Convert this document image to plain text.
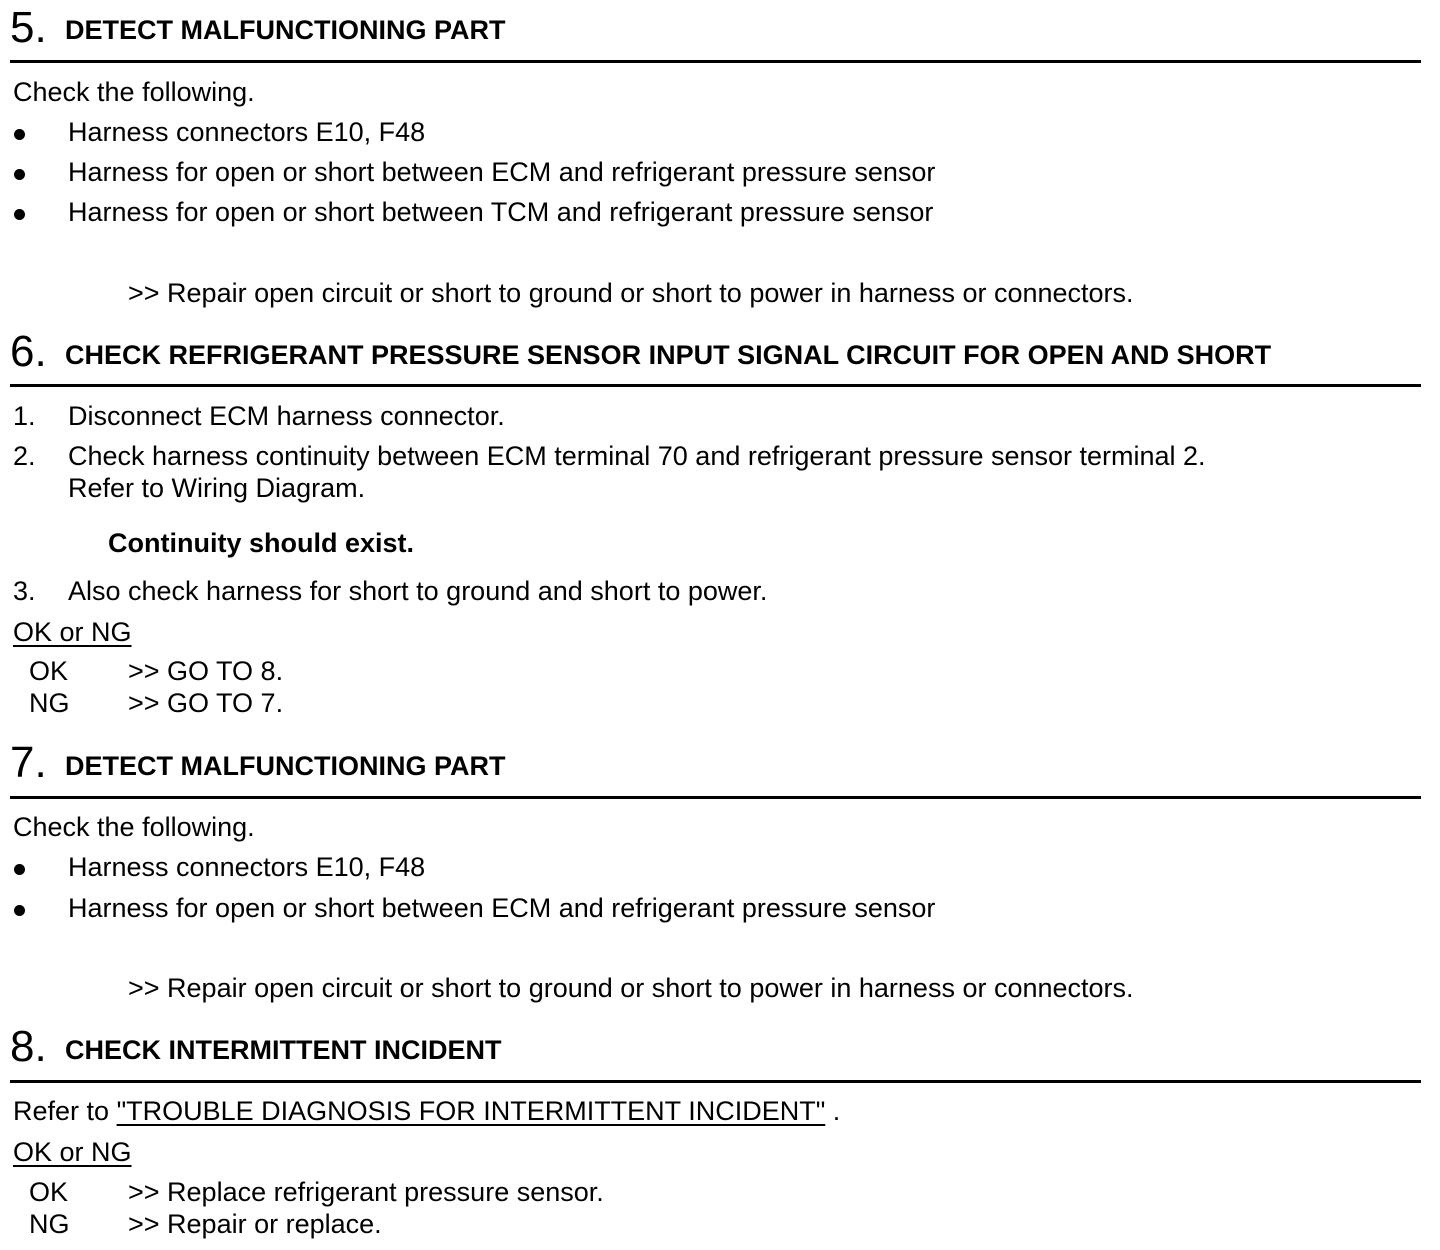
5. DETECT MALFUNCTIONING PART
Check the following.
Harness connectors E10, F48
Harness for open or short between ECM and refrigerant pressure sensor
Harness for open or short between TCM and refrigerant pressure sensor
>> Repair open circuit or short to ground or short to power in harness or connectors.
6. CHECK REFRIGERANT PRESSURE SENSOR INPUT SIGNAL CIRCUIT FOR OPEN AND SHORT
1. Disconnect ECM harness connector.
2. Check harness continuity between ECM terminal 70 and refrigerant pressure sensor terminal 2.
Refer to Wiring Diagram.
Continuity should exist.
3. Also check harness for short to ground and short to power.
OK or NG
OK >> GO TO 8.
NG >> GO TO 7.
7. DETECT MALFUNCTIONING PART
Check the following.
Harness connectors E10, F48
Harness for open or short between ECM and refrigerant pressure sensor
>> Repair open circuit or short to ground or short to power in harness or connectors.
8. CHECK INTERMITTENT INCIDENT
Refer to "TROUBLE DIAGNOSIS FOR INTERMITTENT INCIDENT" .
OK or NG
OK >> Replace refrigerant pressure sensor.
NG >> Repair or replace.
